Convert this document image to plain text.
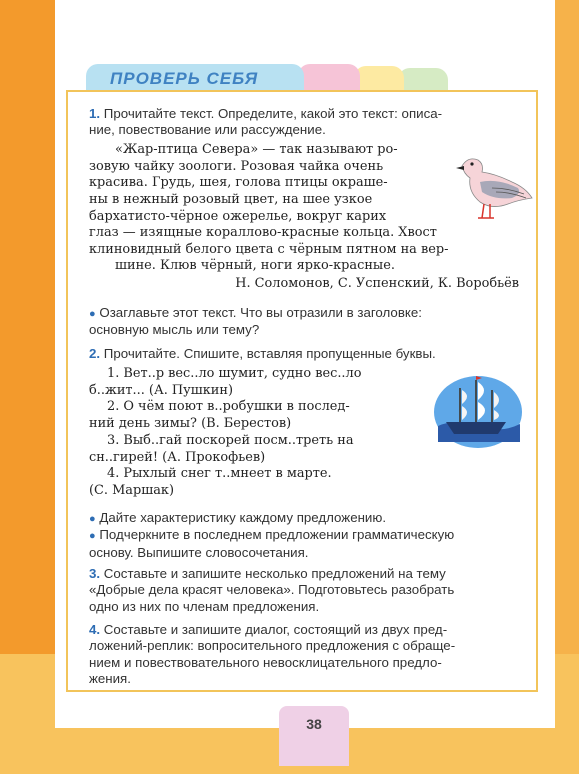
ПРОВЕРЬ СЕБЯ
1. Прочитайте текст. Определите, какой это текст: описа-
ние, повествование или рассуждение.
«Жар-птица Севера» — так называют ро-
зовую чайку зоологи. Розовая чайка очень
красива. Грудь, шея, голова птицы окраше-
ны в нежный розовый цвет, на шее узкое
бархатисто-чёрное ожерелье, вокруг карих
глаз — изящные кораллово-красные кольца. Хвост
клиновидный белого цвета с чёрным пятном на вер-
шине. Клюв чёрный, ноги ярко-красные.
Н. Соломонов, С. Успенский, К. Воробьёв
● Озаглавьте этот текст. Что вы отразили в заголовке:
основную мысль или тему?
2. Прочитайте. Спишите, вставляя пропущенные буквы.
1. Вет..р вес..ло шумит, судно вес..ло
б..жит... (А. Пушкин)
2. О чём поют в..робушки в послед-
ний день зимы? (В. Берестов)
3. Выб..гай поскорей посм..треть на
сн..гирей! (А. Прокофьев)
4. Рыхлый снег т..мнеет в марте.
(С. Маршак)
● Дайте характеристику каждому предложению.
● Подчеркните в последнем предложении грамматическую
основу. Выпишите словосочетания.
3. Составьте и запишите несколько предложений на тему
«Добрые дела красят человека». Подготовьтесь разобрать
одно из них по членам предложения.
4. Составьте и запишите диалог, состоящий из двух пред-
ложений-реплик: вопросительного предложения с обраще-
нием и повествовательного невосклицательного предло-
жения.
38
